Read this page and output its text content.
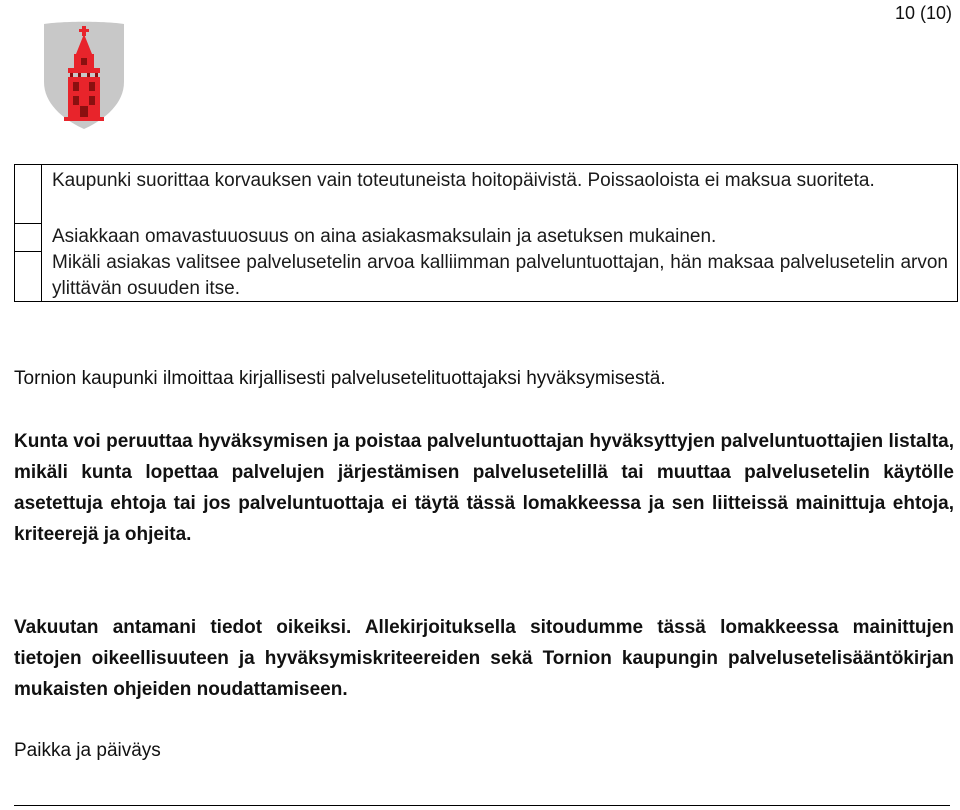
10 (10)
Kaupunki suorittaa korvauksen vain toteutuneista hoitopäivistä. Poissaoloista ei maksua suoriteta.
Asiakkaan omavastuuosuus on aina asiakasmaksulain ja asetuksen mukainen.
Mikäli asiakas valitsee palvelusetelin arvoa kalliimman palveluntuottajan, hän maksaa palvelusetelin arvon ylittävän osuuden itse.
Tornion kaupunki ilmoittaa kirjallisesti palvelusetelituottajaksi hyväksymisestä.
Kunta voi peruuttaa hyväksymisen ja poistaa palveluntuottajan hyväksyttyjen palveluntuottajien listalta, mikäli kunta lopettaa palvelujen järjestämisen palvelusetelillä tai muuttaa palvelusetelin käytölle asetettuja ehtoja tai jos palveluntuottaja ei täytä tässä lomakkeessa ja sen liitteissä mainittuja ehtoja, kriteerejä ja ohjeita.
Vakuutan antamani tiedot oikeiksi. Allekirjoituksella sitoudumme tässä lomakkeessa mainittujen tietojen oikeellisuuteen ja hyväksymiskriteereiden sekä Tornion kaupungin palvelusetelisääntökirjan mukaisten ohjeiden noudattamiseen.
Paikka ja päiväys
